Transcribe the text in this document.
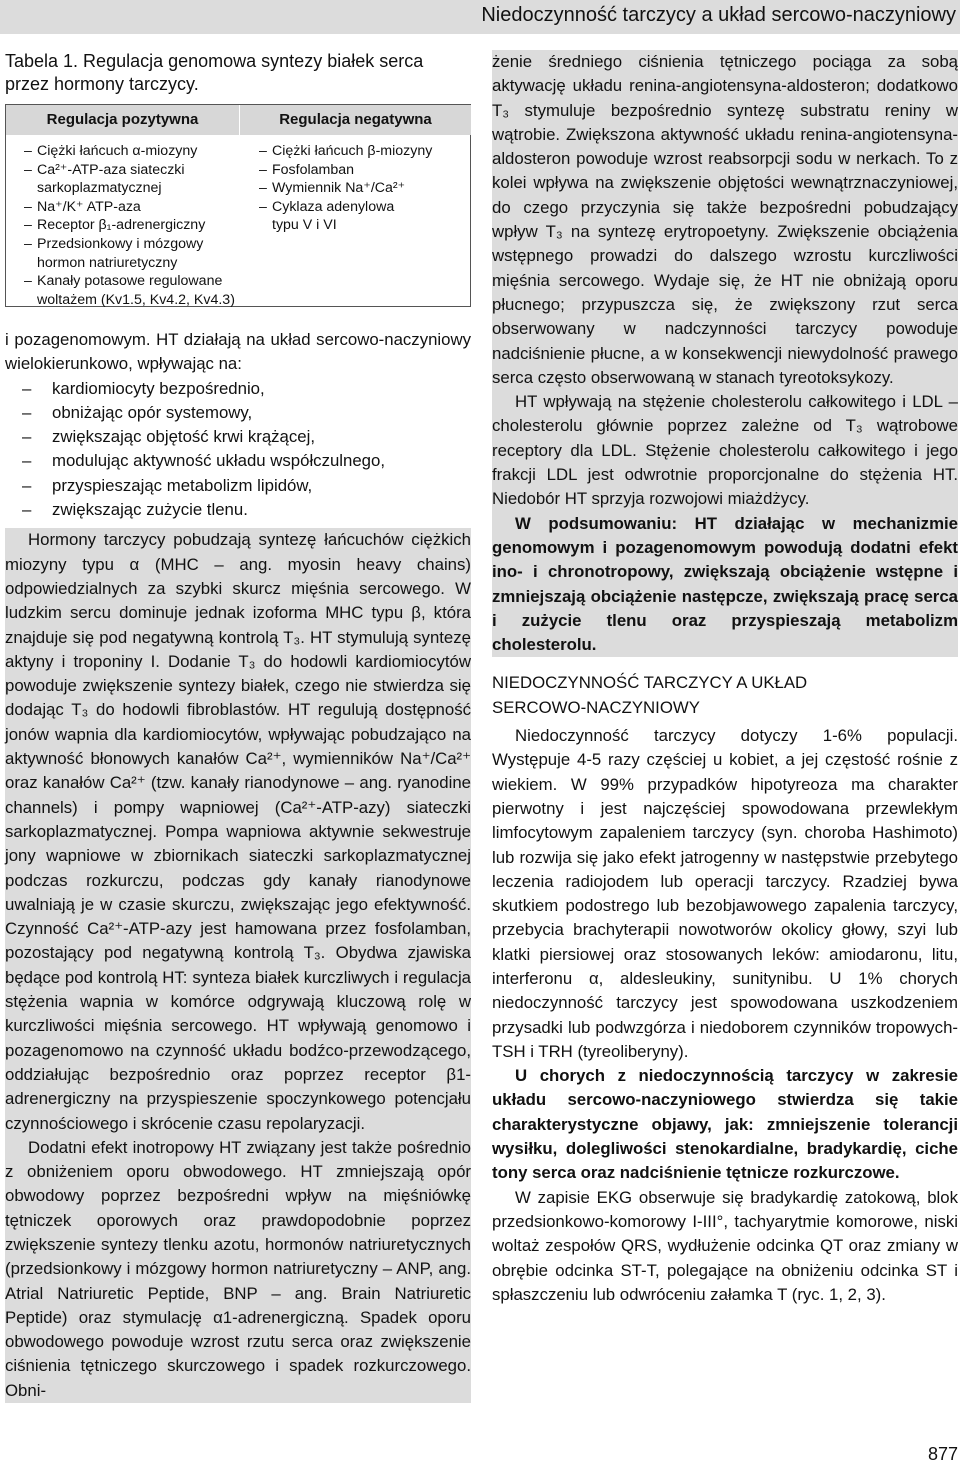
Niedoczynność tarczycy a układ sercowo-naczyniowy

Tabela 1. Regulacja genomowa syntezy białek serca przez hormony tarczycy.

Regulacja pozytywna	Regulacja negatywna
– Ciężki łańcuch α-miozyny
– Ca²⁺-ATP-aza siateczki sarkoplazmatycznej
– Na⁺/K⁺ ATP-aza
– Receptor β₁-adrenergiczny
– Przedsionkowy i mózgowy hormon natriuretyczny
– Kanały potasowe regulowane woltażem (Kv1.5, Kv4.2, Kv4.3)
– Ciężki łańcuch β-miozyny
– Fosfolamban
– Wymiennik Na⁺/Ca²⁺
– Cyklaza adenylowa
typu V i VI

i pozagenomowym. HT działają na układ sercowo-naczyniowy wielokierunkowo, wpływając na:

– kardiomiocyty bezpośrednio,
– obniżając opór systemowy,
– zwiększając objętość krwi krążącej,
– modulując aktywność układu współczulnego,
– przyspieszając metabolizm lipidów,
– zwiększając zużycie tlenu.

Hormony tarczycy pobudzają syntezę łańcuchów ciężkich miozyny typu α (MHC – ang. myosin heavy chains) odpowiedzialnych za szybki skurcz mięśnia sercowego. W ludzkim sercu dominuje jednak izoforma MHC typu β, która znajduje się pod negatywną kontrolą T₃. HT stymulują syntezę aktyny i troponiny I. Dodanie T₃ do hodowli kardiomiocytów powoduje zwiększenie syntezy białek, czego nie stwierdza się dodając T₃ do hodowli fibroblastów. HT regulują dostępność jonów wapnia dla kardiomiocytów, wpływając pobudzająco na aktywność błonowych kanałów Ca²⁺, wymienników Na⁺/Ca²⁺ oraz kanałów Ca²⁺ (tzw. kanały rianodynowe – ang. ryanodine channels) i pompy wapniowej (Ca²⁺-ATP-azy) siateczki sarkoplazmatycznej. Pompa wapniowa aktywnie sekwestruje jony wapniowe w zbiornikach siateczki sarkoplazmatycznej podczas rozkurczu, podczas gdy kanały rianodynowe uwalniają je w czasie skurczu, zwiększając jego efektywność. Czynność Ca²⁺-ATP-azy jest hamowana przez fosfolamban, pozostający pod negatywną kontrolą T₃. Obydwa zjawiska będące pod kontrolą HT: synteza białek kurczliwych i regulacja stężenia wapnia w komórce odgrywają kluczową rolę w kurczliwości mięśnia sercowego. HT wpływają genomowo i pozagenomowo na czynność układu bodźco-przewodzącego, oddziałując bezpośrednio oraz poprzez receptor β1-adrenergiczny na przyspieszenie spoczynkowego potencjału czynnościowego i skrócenie czasu repolaryzacji.

Dodatni efekt inotropowy HT związany jest także pośrednio z obniżeniem oporu obwodowego. HT zmniejszają opór obwodowy poprzez bezpośredni wpływ na mięśniówkę tętniczek oporowych oraz prawdopodobnie poprzez zwiększenie syntezy tlenku azotu, hormonów natriuretycznych (przedsionkowy i mózgowy hormon natriuretyczny – ANP, ang. Atrial Natriuretic Peptide, BNP – ang. Brain Natriuretic Peptide) oraz stymulację α1-adrenergiczną. Spadek oporu obwodowego powoduje wzrost rzutu serca oraz zwiększenie ciśnienia tętniczego skurczowego i spadek rozkurczowego. Obni-

żenie średniego ciśnienia tętniczego pociąga za sobą aktywację układu renina-angiotensyna-aldosteron; dodatkowo T₃ stymuluje bezpośrednio syntezę substratu reniny w wątrobie. Zwiększona aktywność układu renina-angiotensyna-aldosteron powoduje wzrost reabsorpcji sodu w nerkach. To z kolei wpływa na zwiększenie objętości wewnątrznaczyniowej, do czego przyczynia się także bezpośredni pobudzający wpływ T₃ na syntezę erytropoetyny. Zwiększenie obciążenia wstępnego prowadzi do dalszego wzrostu kurczliwości mięśnia sercowego. Wydaje się, że HT nie obniżają oporu płucnego; przypuszcza się, że zwiększony rzut serca obserwowany w nadczynności tarczycy powoduje nadciśnienie płucne, a w konsekwencji niewydolność prawego serca często obserwowaną w stanach tyreotoksykozy.

HT wpływają na stężenie cholesterolu całkowitego i LDL – cholesterolu głównie poprzez zależne od T₃ wątrobowe receptory dla LDL. Stężenie cholesterolu całkowitego i jego frakcji LDL jest odwrotnie proporcjonalne do stężenia HT. Niedobór HT sprzyja rozwojowi miażdżycy.

W podsumowaniu: HT działając w mechanizmie genomowym i pozagenomowym powodują dodatni efekt ino- i chronotropowy, zwiększają obciążenie wstępne i zmniejszają obciążenie następcze, zwiększają pracę serca i zużycie tlenu oraz przyspieszają metabolizm cholesterolu.

NIEDOCZYNNOŚĆ TARCZYCY A UKŁAD
SERCOWO-NACZYNIOWY

Niedoczynność tarczycy dotyczy 1-6% populacji. Występuje 4-5 razy częściej u kobiet, a jej częstość rośnie z wiekiem. W 99% przypadków hipotyreoza ma charakter pierwotny i jest najczęściej spowodowana przewlekłym limfocytowym zapaleniem tarczycy (syn. choroba Hashimoto) lub rozwija się jako efekt jatrogenny w następstwie przebytego leczenia radiojodem lub operacji tarczycy. Rzadziej bywa skutkiem podostrego lub bezobjawowego zapalenia tarczycy, przebycia brachyterapii nowotworów okolicy głowy, szyi lub klatki piersiowej oraz stosowanych leków: amiodaronu, litu, interferonu α, aldesleukiny, sunitynibu. U 1% chorych niedoczynność tarczycy jest spowodowana uszkodzeniem przysadki lub podwzgórza i niedoborem czynników tropowych- TSH i TRH (tyreoliberyny).

U chorych z niedoczynnością tarczycy w zakresie układu sercowo-naczyniowego stwierdza się takie charakterystyczne objawy, jak: zmniejszenie tolerancji wysiłku, dolegliwości stenokardialne, bradykardię, ciche tony serca oraz nadciśnienie tętnicze rozkurczowe.

W zapisie EKG obserwuje się bradykardię zatokową, blok przedsionkowo-komorowy I-III°, tachyarytmie komorowe, niski woltaż zespołów QRS, wydłużenie odcinka QT oraz zmiany w obrębie odcinka ST-T, polegające na obniżeniu odcinka ST i spłaszczeniu lub odwróceniu załamka T (ryc. 1, 2, 3).

877
